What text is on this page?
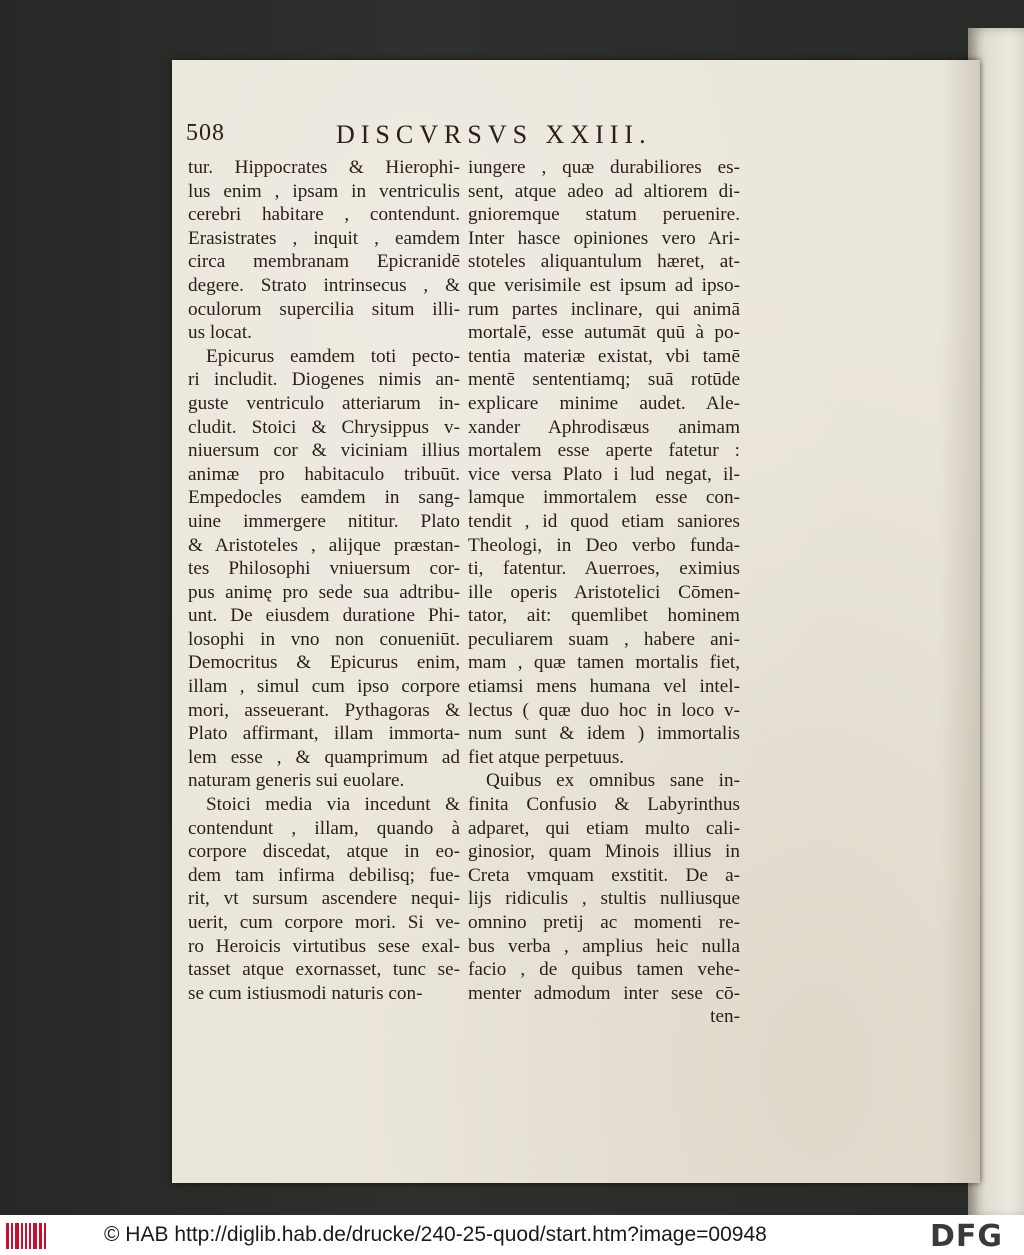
508	DISCVRSVS XXIII.
tur. Hippocrates & Hierophi-
lus enim , ipsam in ventriculis
cerebri habitare , contendunt.
Erasistrates , inquit , eamdem
circa membranam Epicranidē
degere. Strato intrinsecus , &
oculorum supercilia situm illi-
us locat.
Epicurus eamdem toti pecto-
ri includit. Diogenes nimis an-
guste ventriculo atteriarum in-
cludit. Stoici & Chrysippus v-
niuersum cor & viciniam illius
animæ pro habitaculo tribuūt.
Empedocles eamdem in sang-
uine immergere nititur. Plato
& Aristoteles , alijque præstan-
tes Philosophi vniuersum cor-
pus animę pro sede sua adtribu-
unt. De eiusdem duratione Phi-
losophi in vno non conueniūt.
Democritus & Epicurus enim,
illam , simul cum ipso corpore
mori, asseuerant. Pythagoras &
Plato affirmant, illam immorta-
lem esse , & quamprimum ad
naturam generis sui euolare.
Stoici media via incedunt &
contendunt , illam, quando à
corpore discedat, atque in eo-
dem tam infirma debilisq; fue-
rit, vt sursum ascendere nequi-
uerit, cum corpore mori. Si ve-
ro Heroicis virtutibus sese exal-
tasset atque exornasset, tunc se-
se cum istiusmodi naturis con-
iungere , quæ durabiliores es-
sent, atque adeo ad altiorem di-
gnioremque statum peruenire.
Inter hasce opiniones vero Ari-
stoteles aliquantulum hæret, at-
que verisimile est ipsum ad ipso-
rum partes inclinare, qui animā
mortalē, esse autumāt quū à po-
tentia materiæ existat, vbi tamē
mentē sententiamq; suā rotūde
explicare minime audet. Ale-
xander Aphrodisæus animam
mortalem esse aperte fatetur :
vice versa Plato i lud negat, il-
lamque immortalem esse con-
tendit , id quod etiam saniores
Theologi, in Deo verbo funda-
ti, fatentur. Auerroes, eximius
ille operis Aristotelici Cōmen-
tator, ait: quemlibet hominem
peculiarem suam , habere ani-
mam , quæ tamen mortalis fiet,
etiamsi mens humana vel intel-
lectus ( quæ duo hoc in loco v-
num sunt & idem ) immortalis
fiet atque perpetuus.
Quibus ex omnibus sane in-
finita Confusio & Labyrinthus
adparet, qui etiam multo cali-
ginosior, quam Minois illius in
Creta vmquam exstitit. De a-
lijs ridiculis , stultis nulliusque
omnino pretij ac momenti re-
bus verba , amplius heic nulla
facio , de quibus tamen vehe-
menter admodum inter sese cō-
ten-
© HAB http://diglib.hab.de/drucke/240-25-quod/start.htm?image=00948	DFG
